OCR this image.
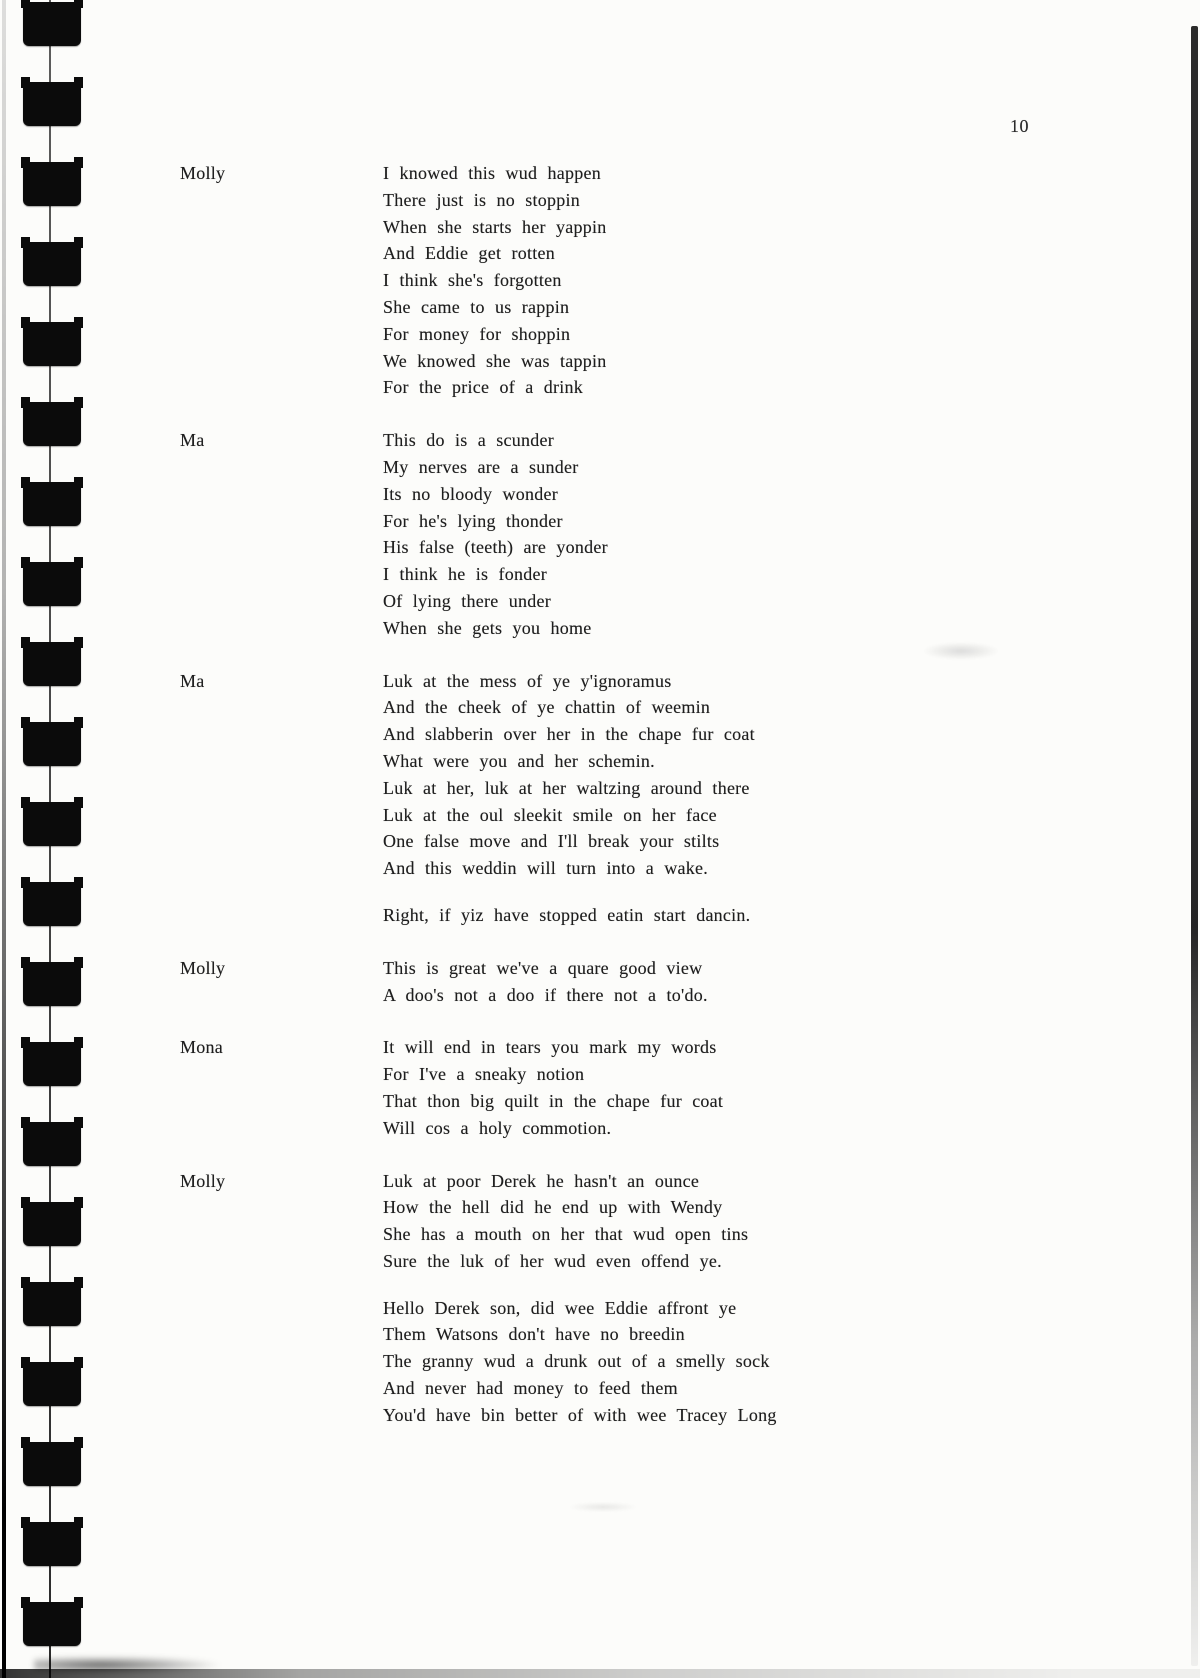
10
Molly	I knowed this wud happen
There just is no stoppin
When she starts her yappin
And Eddie get rotten
I think she's forgotten
She came to us rappin
For money for shoppin
We knowed she was tappin
For the price of a drink
Ma	This do is a scunder
My nerves are a sunder
Its no bloody wonder
For he's lying thonder
His false (teeth) are yonder
I think he is fonder
Of lying there under
When she gets you home
Ma	Luk at the mess of ye y'ignoramus
And the cheek of ye chattin of weemin
And slabberin over her in the chape fur coat
What were you and her schemin.
Luk at her, luk at her waltzing around there
Luk at the oul sleekit smile on her face
One false move and I'll break your stilts
And this weddin will turn into a wake.
Right, if yiz have stopped eatin start dancin.
Molly	This is great we've a quare good view
A doo's not a doo if there not a to'do.
Mona	It will end in tears you mark my words
For I've a sneaky notion
That thon big quilt in the chape fur coat
Will cos a holy commotion.
Molly	Luk at poor Derek he hasn't an ounce
How the hell did he end up with Wendy
She has a mouth on her that wud open tins
Sure the luk of her wud even offend ye.
Hello Derek son, did wee Eddie affront ye
Them Watsons don't have no breedin
The granny wud a drunk out of a smelly sock
And never had money to feed them
You'd have bin better of with wee Tracey Long
